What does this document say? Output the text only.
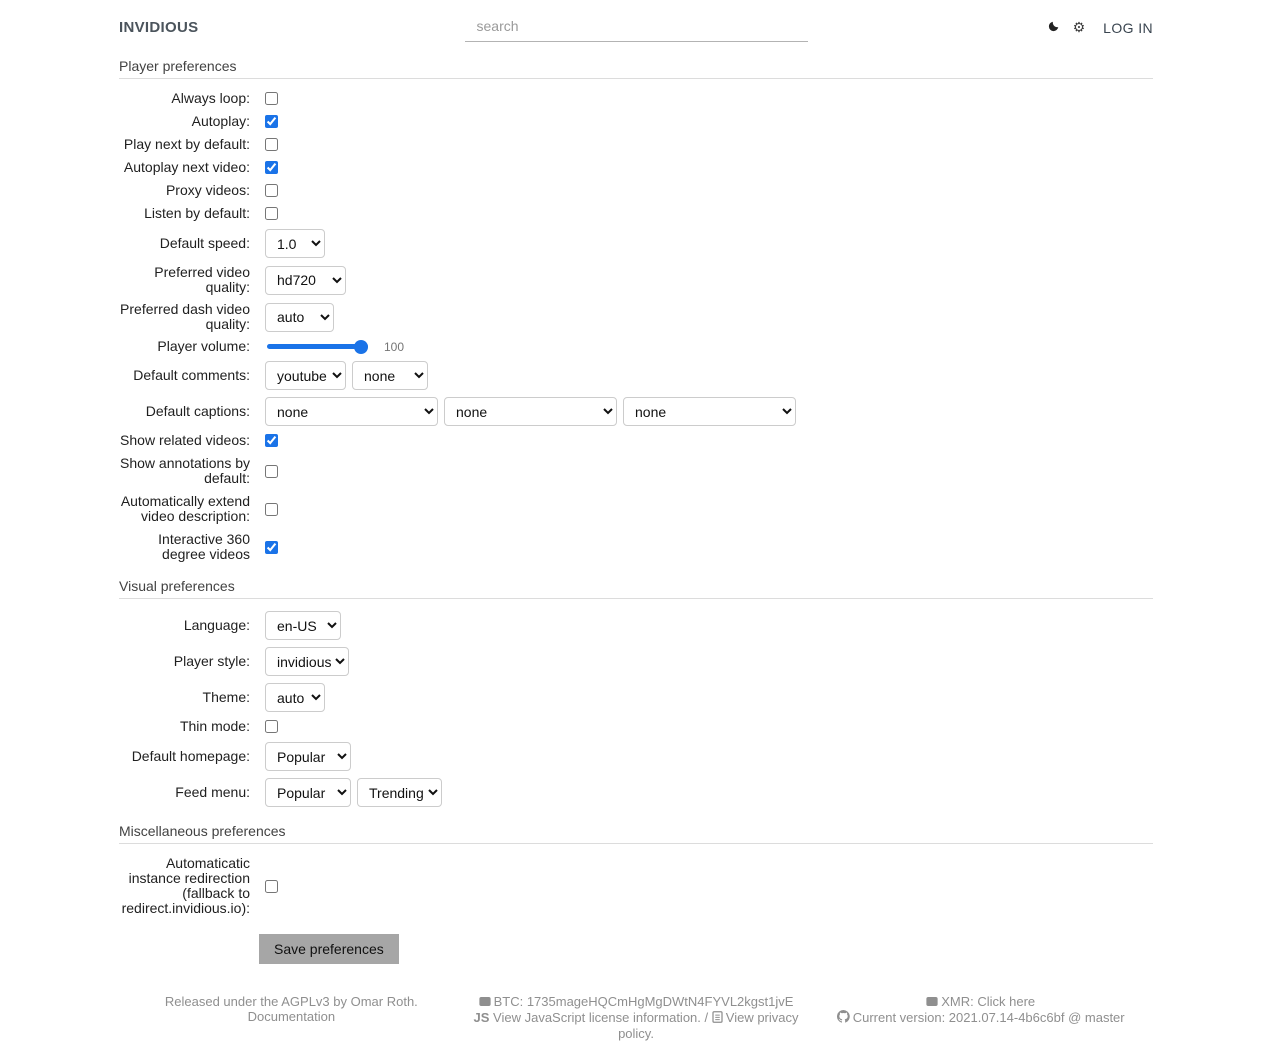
INVIDIOUS
search	⚙ LOG IN
Player preferences
Always loop:
Autoplay:
Play next by default:
Autoplay next video:
Proxy videos:
Listen by default:
Default speed:
1.0
Preferred video quality:
hd720
Preferred dash video quality:
auto
Player volume:	100
Default comments:
youtube
none
Default captions:
none
none
none
Show related videos:
Show annotations by default:
Automatically extend video description:
Interactive 360 degree videos
Visual preferences
Language:
en-US
Player style:
invidious
Theme:
auto
Thin mode:
Default homepage:
Popular
Feed menu:
Popular
Trending
Miscellaneous preferences
Automaticatic instance redirection (fallback to redirect.invidious.io):
Save preferences
Released under the AGPLv3 by Omar Roth.
Documentation
BTC: 1735mageHQCmHgMgDWtN4FYVL2kgst1jvE
JS View JavaScript license information. / View privacy policy.
XMR: Click here
Current version: 2021.07.14-4b6c6bf @ master
